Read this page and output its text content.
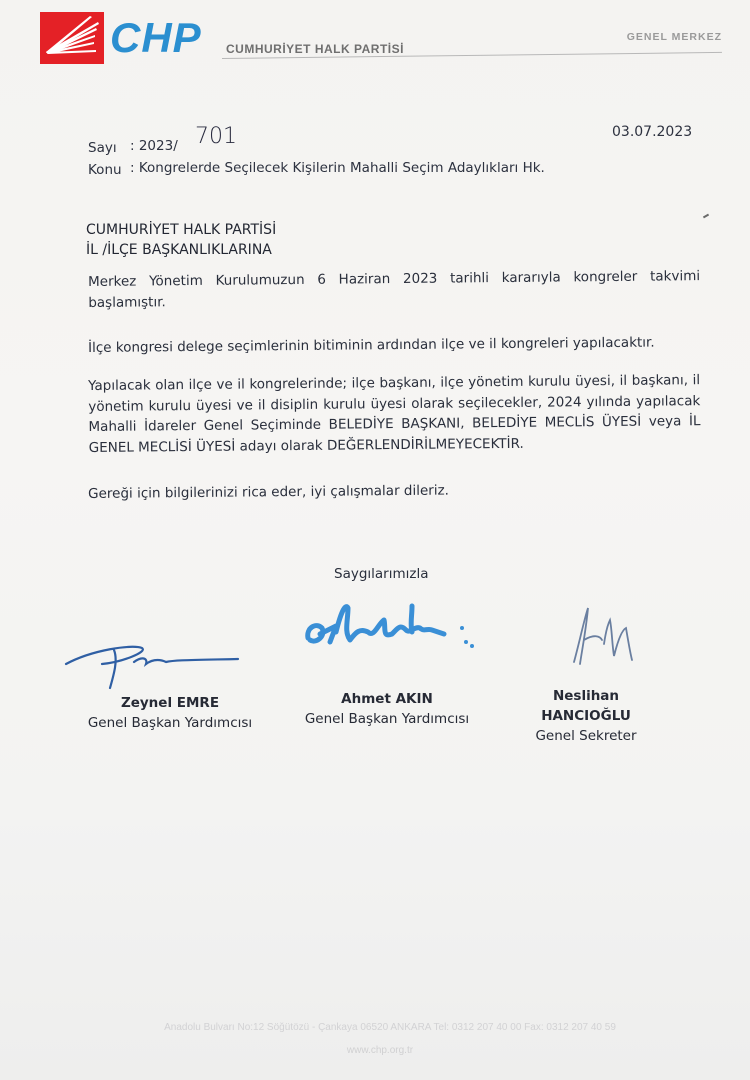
CHP CUMHURİYET HALK PARTİSİ
GENEL MERKEZ
Sayı : 2023/ 701
Konu : Kongrelerde Seçilecek Kişilerin Mahalli Seçim Adaylıkları Hk.
03.07.2023
CUMHURİYET HALK PARTİSİ
İL /İLÇE BAŞKANLIKLARINA
Merkez Yönetim Kurulumuzun 6 Haziran 2023 tarihli kararıyla kongreler takvimi başlamıştır.
İlçe kongresi delege seçimlerinin bitiminin ardından ilçe ve il kongreleri yapılacaktır.
Yapılacak olan ilçe ve il kongrelerinde; ilçe başkanı, ilçe yönetim kurulu üyesi, il başkanı, il yönetim kurulu üyesi ve il disiplin kurulu üyesi olarak seçilecekler, 2024 yılında yapılacak Mahalli İdareler Genel Seçiminde BELEDİYE BAŞKANI, BELEDİYE MECLİS ÜYESİ veya İL GENEL MECLİSİ ÜYESİ adayı olarak DEĞERLENDİRİLMEYECEKTİR.
Gereği için bilgilerinizi rica eder, iyi çalışmalar dileriz.
Saygılarımızla
Zeynel EMRE
Genel Başkan Yardımcısı
Ahmet AKIN
Genel Başkan Yardımcısı
Neslihan HANCIOĞLU
Genel Sekreter
Anadolu Bulvarı No:12 Söğütözü - Çankaya 06520 ANKARA Tel: 0312 207 40 00 Fax: 0312 207 40 59
www.chp.org.tr
